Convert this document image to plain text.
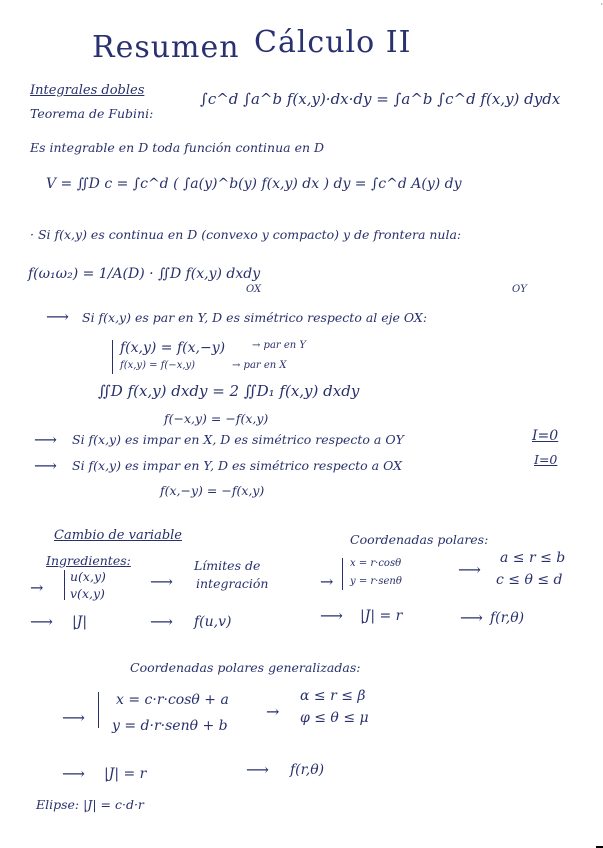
Resumen Cálculo II
·
Integrales dobles
Teorema de Fubini:
∫c^d ∫a^b f(x,y)·dx·dy = ∫a^b ∫c^d f(x,y) dydx
Es integrable en D toda función continua en D
V = ∬D c = ∫c^d ( ∫a(y)^b(y) f(x,y) dx ) dy = ∫c^d A(y) dy
· Si f(x,y) es continua en D (convexo y compacto) y de frontera nula:
f(ω₁ω₂) = 1/A(D) · ∬D f(x,y) dxdy
⟶
OX	OY
Si f(x,y) es par en Y, D es simétrico respecto al eje OX:
f(x,y) = f(x,−y)	→ par en Y
f(x,y) = f(−x,y)	→ par en X
∬D f(x,y) dxdy = 2 ∬D₁ f(x,y) dxdy
f(−x,y) = −f(x,y)
⟶ Si f(x,y) es impar en X, D es simétrico respecto a OY	I=0
⟶ Si f(x,y) es impar en Y, D es simétrico respecto a OX	I=0
f(x,−y) = −f(x,y)
Cambio de variable
Ingredientes:
→
u(x,y)
v(x,y)
⟶
Límites de
integración
⟶ |J|	⟶ f(u,v)
Coordenadas polares:
→
x = r·cosθ
y = r·senθ
⟶
a ≤ r ≤ b
c ≤ θ ≤ d
⟶ |J| = r	⟶ f(r,θ)
Coordenadas polares generalizadas:
⟶
x = c·r·cosθ + a
y = d·r·senθ + b
→
α ≤ r ≤ β
φ ≤ θ ≤ μ
⟶ |J| = r	⟶ f(r,θ)
Elipse: |J| = c·d·r
